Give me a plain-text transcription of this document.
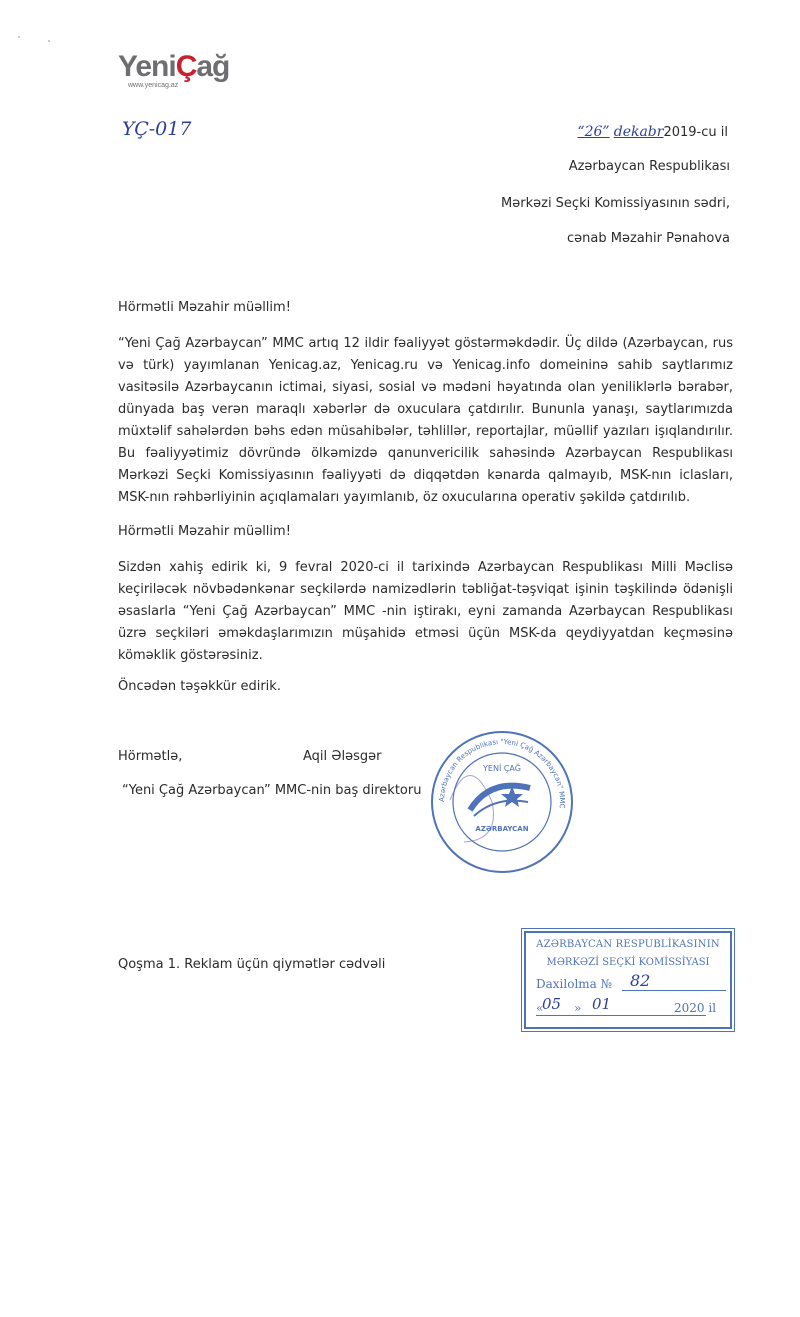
YeniÇağ
www.yenicag.az
YÇ-017	“26” dekabr2019-cu il
Azərbaycan Respublikası
Mərkəzi Seçki Komissiyasının sədri,
cənab Məzahir Pənahova
Hörmətli Məzahir müəllim!
“Yeni Çağ Azərbaycan” MMC artıq 12 ildir fəaliyyət göstərməkdədir. Üç dildə (Azərbaycan, rus və türk) yayımlanan Yenicag.az, Yenicag.ru və Yenicag.info domeininə sahib saytlarımız vasitəsilə Azərbaycanın ictimai, siyasi, sosial və mədəni həyatında olan yeniliklərlə bərabər, dünyada baş verən maraqlı xəbərlər də oxuculara çatdırılır. Bununla yanaşı, saytlarımızda müxtəlif sahələrdən bəhs edən müsahibələr, təhlillər, reportajlar, müəllif yazıları işıqlandırılır. Bu fəaliyyətimiz dövründə ölkəmizdə qanunvericilik sahəsində Azərbaycan Respublikası Mərkəzi Seçki Komissiyasının fəaliyyəti də diqqətdən kənarda qalmayıb, MSK-nın iclasları, MSK-nın rəhbərliyinin açıqlamaları yayımlanıb, öz oxucularına operativ şəkildə çatdırılıb.
Hörmətli Məzahir müəllim!
Sizdən xahiş edirik ki, 9 fevral 2020-ci il tarixində Azərbaycan Respublikası Milli Məclisə keçiriləcək növbədənkənar seçkilərdə namizədlərin təbliğat-təşviqat işinin təşkilində ödənişli əsaslarla “Yeni Çağ Azərbaycan” MMC -nin iştirakı, eyni zamanda Azərbaycan Respublikası üzrə seçkiləri əməkdaşlarımızın müşahidə etməsi üçün MSK-da qeydiyyatdan keçməsinə köməklik göstərəsiniz.
Öncədən təşəkkür edirik.
Hörmətlə,	Aqil Ələsgər
“Yeni Çağ Azərbaycan” MMC-nin baş direktoru
Azərbaycan Respublikası "Yeni Çağ Azərbaycan" MMC
YENİ ÇAĞ
AZƏRBAYCAN
Qoşma 1. Reklam üçün qiymətlər cədvəli
AZƏRBAYCAN RESPUBLİKASININ
MƏRKƏZİ SEÇKİ KOMİSSİYASI
Daxilolma №	82
«
05 » 01	2020 il
